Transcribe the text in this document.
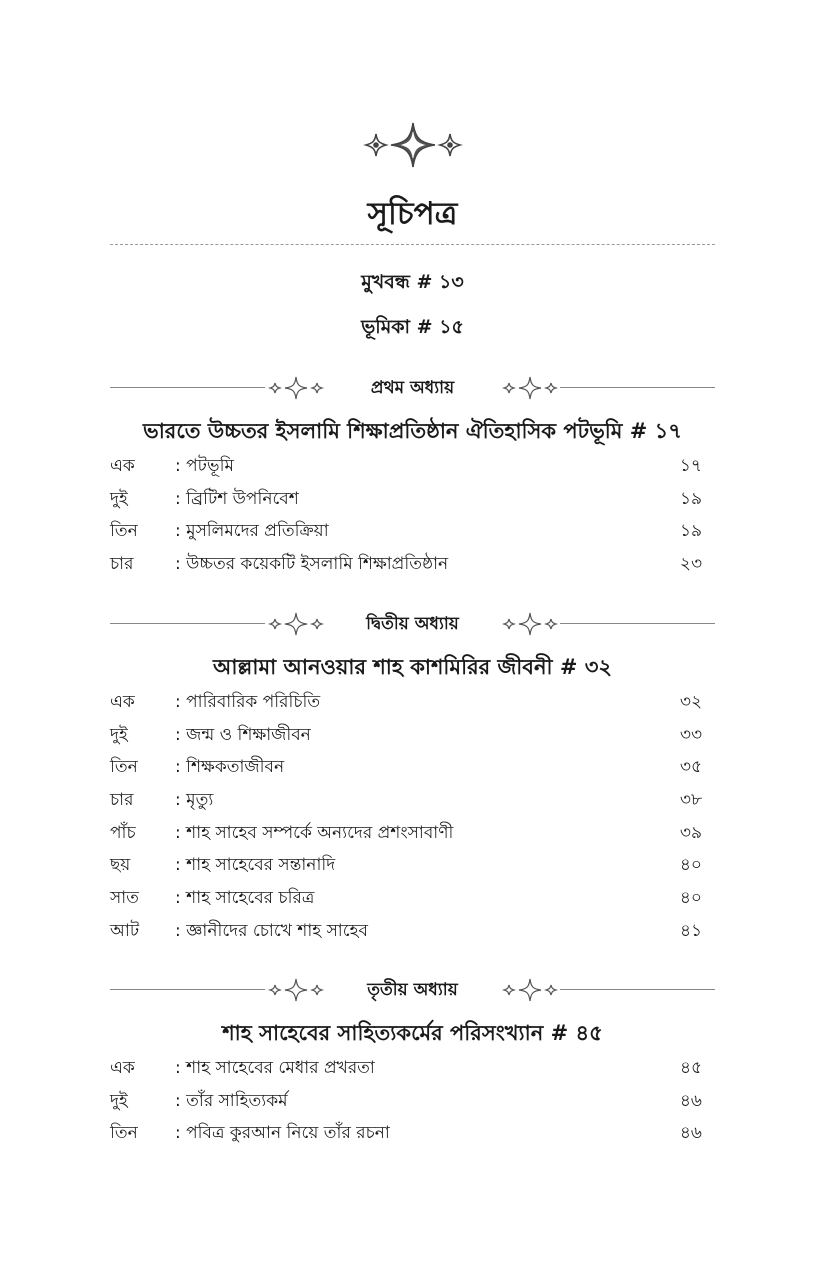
সূচিপত্র
মুখবন্ধ # ১৩
ভূমিকা # ১৫
প্রথম অধ্যায়
ভারতে উচ্চতর ইসলামি শিক্ষাপ্রতিষ্ঠান ঐতিহাসিক পটভূমি # ১৭
এক : পটভূমি	১৭
দুই	: ব্রিটিশ উপনিবেশ	১৯
তিন : মুসলিমদের প্রতিক্রিয়া	১৯
চার : উচ্চতর কয়েকটি ইসলামি শিক্ষাপ্রতিষ্ঠান	২৩
দ্বিতীয় অধ্যায়
আল্লামা আনওয়ার শাহ কাশমিরির জীবনী # ৩২
এক : পারিবারিক পরিচিতি	৩২
দুই	: জন্ম ও শিক্ষাজীবন	৩৩
তিন : শিক্ষকতাজীবন	৩৫
চার : মৃত্যু	৩৮
পাঁচ : শাহ সাহেব সম্পর্কে অন্যদের প্রশংসাবাণী	৩৯
ছয়	: শাহ সাহেবের সন্তানাদি	৪০
সাত : শাহ সাহেবের চরিত্র	৪০
আট : জ্ঞানীদের চোখে শাহ সাহেব	৪১
তৃতীয় অধ্যায়
শাহ সাহেবের সাহিত্যকর্মের পরিসংখ্যান # ৪৫
এক : শাহ সাহেবের মেধার প্রখরতা	৪৫
দুই	: তাঁর সাহিত্যকর্ম	৪৬
তিন : পবিত্র কুরআন নিয়ে তাঁর রচনা	৪৬
